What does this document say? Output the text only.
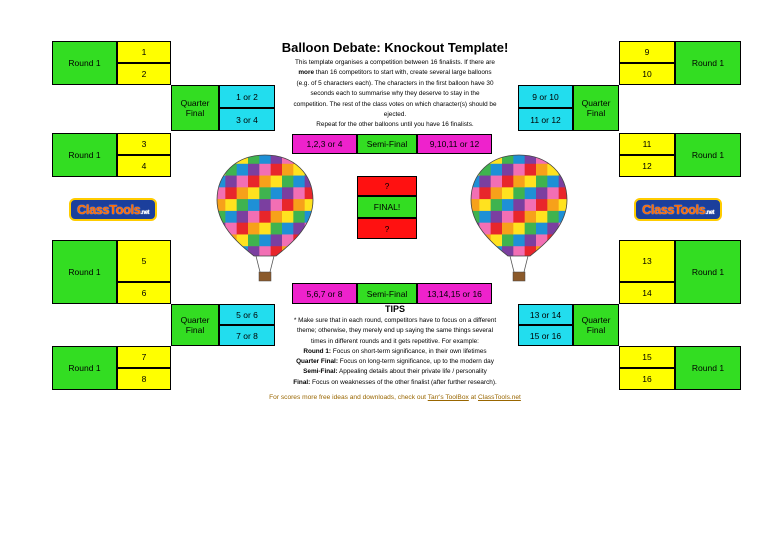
Balloon Debate: Knockout Template!
This template organises a competition between 16 finalists. If there are
more than 16 competitors to start with, create several large balloons
(e.g. of 5 characters each). The characters in the first balloon have 30
seconds each to summarise why they deserve to stay in the
competition. The rest of the class votes on which character(s) should be
ejected.
Repeat for the other balloons until you have 16 finalists.
Round 1
1
2
Round 1
3
4
Round 1
5
6
Round 1
7
8
Quarter Final
1 or 2
3 or 4
Quarter Final
5 or 6
7 or 8
9
10
Round 1
11
12
Round 1
13
14
Round 1
15
16
Round 1
9 or 10
11 or 12
Quarter Final
13 or 14
15 or 16
Quarter Final
1,2,3 or 4	Semi-Final	9,10,11 or 12
5,6,7 or 8	Semi-Final	13,14,15 or 16
?
FINAL!
?
ClassTools.net	ClassTools.net
TIPS

* Make sure that in each round, competitors have to focus on a different

theme; otherwise, they merely end up saying the same things several

times in different rounds and it gets repetitive. For example:

Round 1: Focus on short-term significance, in their own lifetimes

Quarter Final: Focus on long-term significance, up to the modern day

Semi-Final: Appealing details about their private life / personality

Final: Focus on weaknesses of the other finalist (after further research).

For scores more free ideas and downloads, check out Tarr's ToolBox at ClassTools.net
